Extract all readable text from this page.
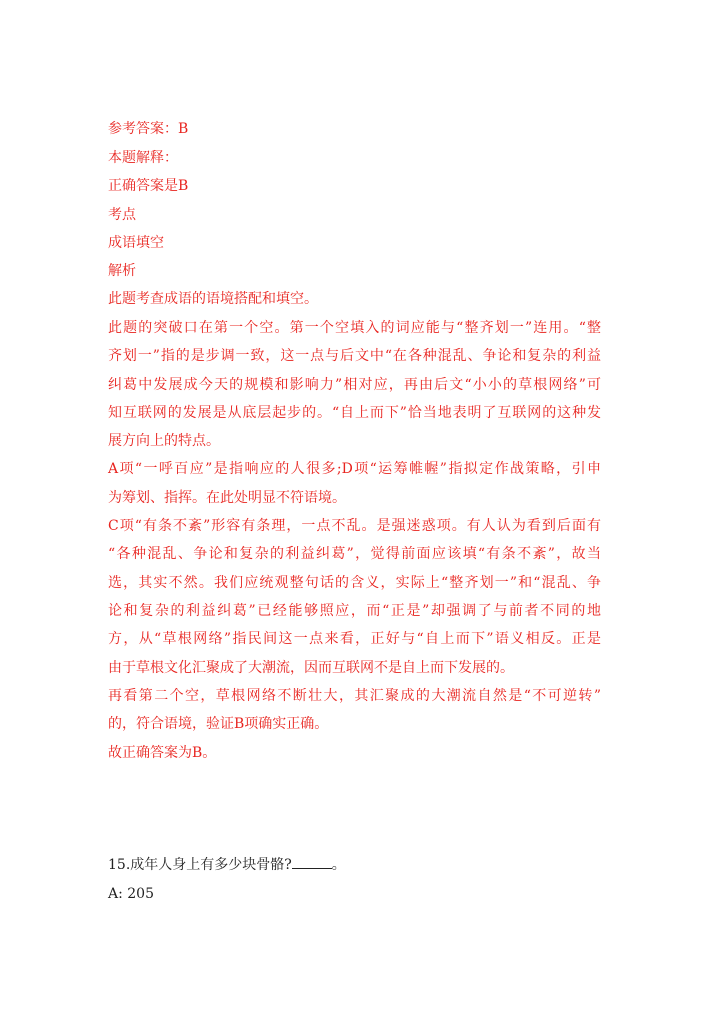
参考答案：B
本题解释：
正确答案是B
考点
成语填空
解析
此题考查成语的语境搭配和填空。
此题的突破口在第一个空。第一个空填入的词应能与“整齐划一”连用。“整
齐划一”指的是步调一致，这一点与后文中“在各种混乱、争论和复杂的利益
纠葛中发展成今天的规模和影响力”相对应，再由后文“小小的草根网络”可
知互联网的发展是从底层起步的。“自上而下”恰当地表明了互联网的这种发
展方向上的特点。
A项“一呼百应”是指响应的人很多;D项“运筹帷幄”指拟定作战策略，引申
为筹划、指挥。在此处明显不符语境。
C项“有条不紊”形容有条理，一点不乱。是强迷惑项。有人认为看到后面有
“各种混乱、争论和复杂的利益纠葛”，觉得前面应该填“有条不紊”，故当
选，其实不然。我们应统观整句话的含义，实际上“整齐划一”和“混乱、争
论和复杂的利益纠葛”已经能够照应，而“正是”却强调了与前者不同的地
方，从“草根网络”指民间这一点来看，正好与“自上而下”语义相反。正是
由于草根文化汇聚成了大潮流，因而互联网不是自上而下发展的。
再看第二个空，草根网络不断壮大，其汇聚成的大潮流自然是“不可逆转”
的，符合语境，验证B项确实正确。
故正确答案为B。
15.成年人身上有多少块骨骼?	。
A: 205
